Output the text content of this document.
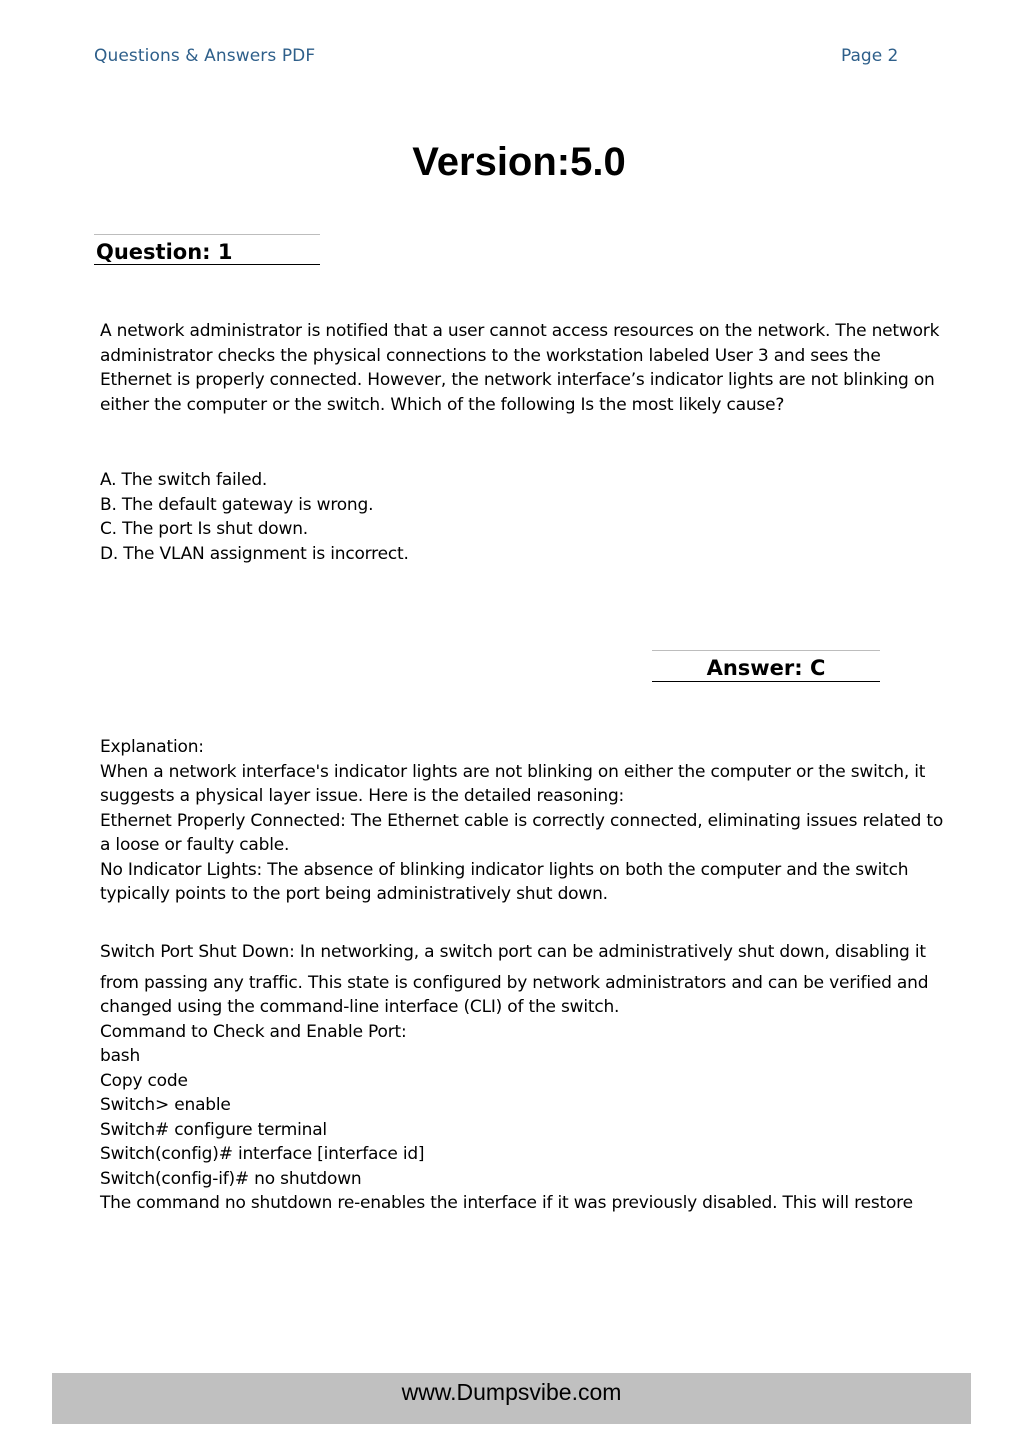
Questions & Answers PDF	Page 2
Version:5.0
Question: 1
A network administrator is notified that a user cannot access resources on the network. The network
administrator checks the physical connections to the workstation labeled User 3 and sees the
Ethernet is properly connected. However, the network interface’s indicator lights are not blinking on
either the computer or the switch. Which of the following Is the most likely cause?
A. The switch failed.
B. The default gateway is wrong.
C. The port Is shut down.
D. The VLAN assignment is incorrect.
Answer: C

Explanation:

When a network interface's indicator lights are not blinking on either the computer or the switch, it

suggests a physical layer issue. Here is the detailed reasoning:

Ethernet Properly Connected: The Ethernet cable is correctly connected, eliminating issues related to

a loose or faulty cable.

No Indicator Lights: The absence of blinking indicator lights on both the computer and the switch

typically points to the port being administratively shut down.

Switch Port Shut Down: In networking, a switch port can be administratively shut down, disabling it

from passing any traffic. This state is configured by network administrators and can be verified and

changed using the command-line interface (CLI) of the switch.

Command to Check and Enable Port:

bash

Copy code

Switch> enable

Switch# configure terminal

Switch(config)# interface [interface id]

Switch(config-if)# no shutdown

The command no shutdown re-enables the interface if it was previously disabled. This will restore

www.Dumpsvibe.com
